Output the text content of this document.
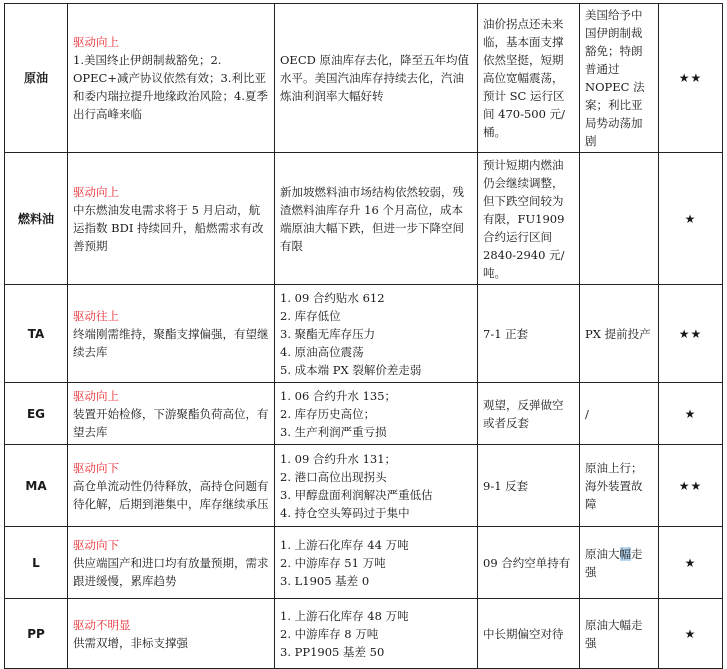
原油	驱动向上
1.美国终止伊朗制裁豁免；2. OPEC+减产协议依然有效；3.利比亚和委内瑞拉提升地缘政治风险；4.夏季出行高峰来临	OECD 原油库存去化，降至五年均值水平。美国汽油库存持续去化，汽油炼油利润率大幅好转	油价拐点还未来临，基本面支撑依然坚挺，短期高位宽幅震荡，预计 SC 运行区间 470-500 元/桶。	美国给予中国伊朗制裁豁免；特朗普通过 NOPEC 法案；利比亚局势动荡加剧	★★
燃料油	驱动向上
中东燃油发电需求将于 5 月启动，航运指数 BDI 持续回升，船燃需求有改善预期	新加坡燃料油市场结构依然较弱，残渣燃料油库存升 16 个月高位，成本端原油大幅下跌，但进一步下降空间有限	预计短期内燃油仍会继续调整，但下跌空间较为有限，FU1909 合约运行区间 2840-2940 元/吨。		★
TA	驱动往上
终端刚需维持，聚酯支撑偏强，有望继续去库	1. 09 合约贴水 612
2. 库存低位
3. 聚酯无库存压力
4. 原油高位震荡
5. 成本端 PX 裂解价差走弱	7-1 正套	PX 提前投产	★★
EG	驱动向上
装置开始检修，下游聚酯负荷高位，有望去库	1. 06 合约升水 135；
2. 库存历史高位；
3. 生产利润严重亏损	观望，反弹做空或者反套	/	★
MA	驱动向下
高仓单流动性仍待释放，高持仓问题有待化解，后期到港集中，库存继续承压	1. 09 合约升水 131；
2. 港口高位出现拐头
3. 甲醇盘面利润解决严重低估
4. 持仓空头筹码过于集中	9-1 反套	原油上行；海外装置故障	★★
L	驱动向下
供应端国产和进口均有放量预期，需求跟进缓慢，累库趋势	1. 上游石化库存 44 万吨
2. 中游库存 51 万吨
3. L1905 基差 0	09 合约空单持有	原油大幅走强	★
PP	驱动不明显
供需双增，非标支撑强	1. 上游石化库存 48 万吨
2. 中游库存 8 万吨
3. PP1905 基差 50	中长期偏空对待	原油大幅走强	★
